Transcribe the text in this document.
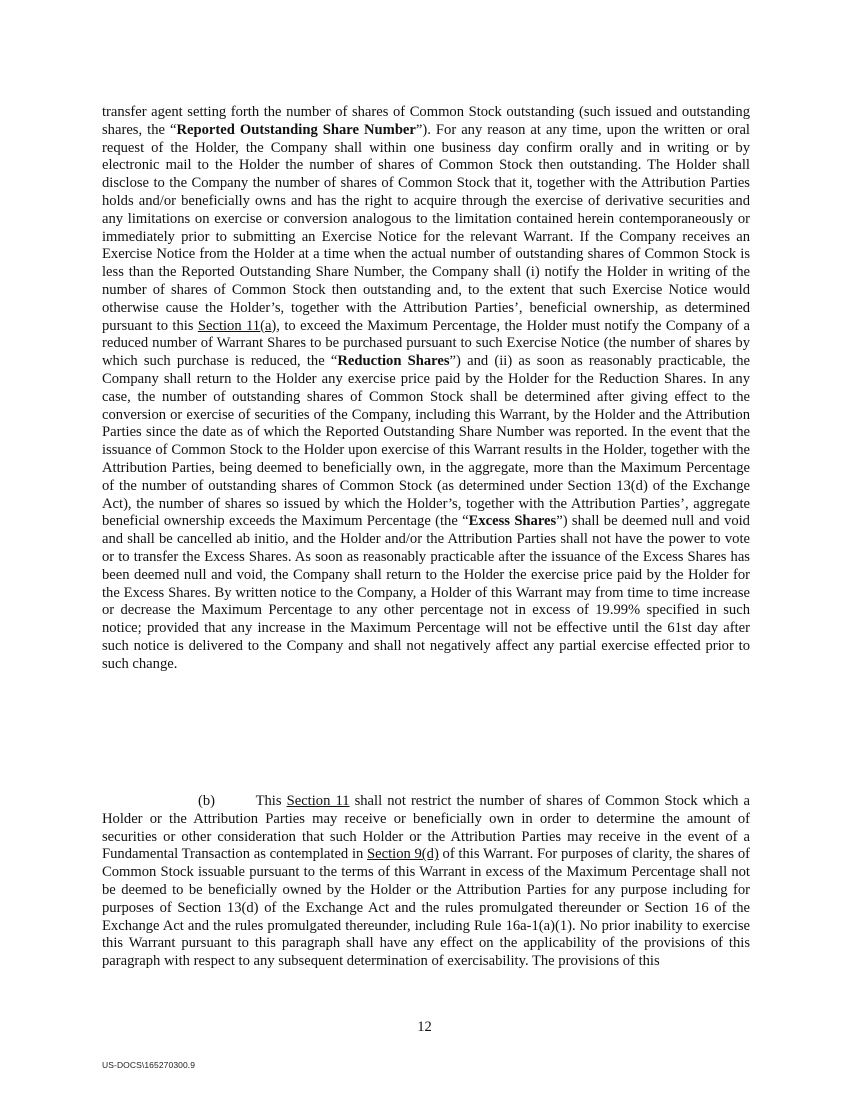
transfer agent setting forth the number of shares of Common Stock outstanding (such issued and outstanding shares, the “Reported Outstanding Share Number”). For any reason at any time, upon the written or oral request of the Holder, the Company shall within one business day confirm orally and in writing or by electronic mail to the Holder the number of shares of Common Stock then outstanding. The Holder shall disclose to the Company the number of shares of Common Stock that it, together with the Attribution Parties holds and/or beneficially owns and has the right to acquire through the exercise of derivative securities and any limitations on exercise or conversion analogous to the limitation contained herein contemporaneously or immediately prior to submitting an Exercise Notice for the relevant Warrant. If the Company receives an Exercise Notice from the Holder at a time when the actual number of outstanding shares of Common Stock is less than the Reported Outstanding Share Number, the Company shall (i) notify the Holder in writing of the number of shares of Common Stock then outstanding and, to the extent that such Exercise Notice would otherwise cause the Holder’s, together with the Attribution Parties’, beneficial ownership, as determined pursuant to this Section 11(a), to exceed the Maximum Percentage, the Holder must notify the Company of a reduced number of Warrant Shares to be purchased pursuant to such Exercise Notice (the number of shares by which such purchase is reduced, the “Reduction Shares”) and (ii) as soon as reasonably practicable, the Company shall return to the Holder any exercise price paid by the Holder for the Reduction Shares. In any case, the number of outstanding shares of Common Stock shall be determined after giving effect to the conversion or exercise of securities of the Company, including this Warrant, by the Holder and the Attribution Parties since the date as of which the Reported Outstanding Share Number was reported. In the event that the issuance of Common Stock to the Holder upon exercise of this Warrant results in the Holder, together with the Attribution Parties, being deemed to beneficially own, in the aggregate, more than the Maximum Percentage of the number of outstanding shares of Common Stock (as determined under Section 13(d) of the Exchange Act), the number of shares so issued by which the Holder’s, together with the Attribution Parties’, aggregate beneficial ownership exceeds the Maximum Percentage (the “Excess Shares”) shall be deemed null and void and shall be cancelled ab initio, and the Holder and/or the Attribution Parties shall not have the power to vote or to transfer the Excess Shares. As soon as reasonably practicable after the issuance of the Excess Shares has been deemed null and void, the Company shall return to the Holder the exercise price paid by the Holder for the Excess Shares. By written notice to the Company, a Holder of this Warrant may from time to time increase or decrease the Maximum Percentage to any other percentage not in excess of 19.99% specified in such notice; provided that any increase in the Maximum Percentage will not be effective until the 61st day after such notice is delivered to the Company and shall not negatively affect any partial exercise effected prior to such change.

(b)        This Section 11 shall not restrict the number of shares of Common Stock which a Holder or the Attribution Parties may receive or beneficially own in order to determine the amount of securities or other consideration that such Holder or the Attribution Parties may receive in the event of a Fundamental Transaction as contemplated in Section 9(d) of this Warrant. For purposes of clarity, the shares of Common Stock issuable pursuant to the terms of this Warrant in excess of the Maximum Percentage shall not be deemed to be beneficially owned by the Holder or the Attribution Parties for any purpose including for purposes of Section 13(d) of the Exchange Act and the rules promulgated thereunder or Section 16 of the Exchange Act and the rules promulgated thereunder, including Rule 16a-1(a)(1). No prior inability to exercise this Warrant pursuant to this paragraph shall have any effect on the applicability of the provisions of this paragraph with respect to any subsequent determination of exercisability. The provisions of this

12
US-DOCS\165270300.9
